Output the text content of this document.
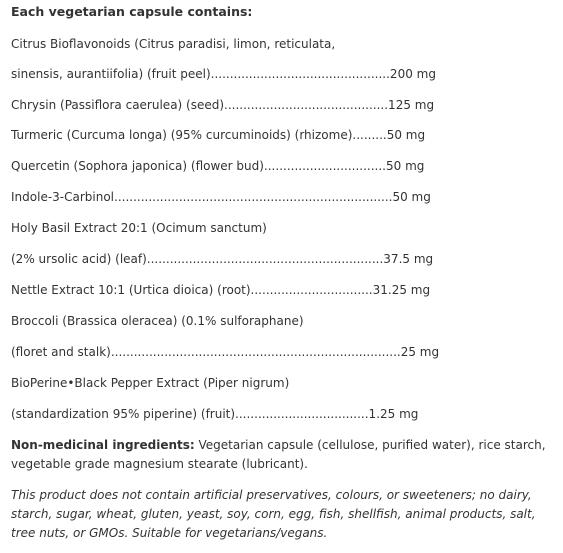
Each vegetarian capsule contains:

Citrus Bioflavonoids (Citrus paradisi, limon, reticulata,

sinensis, aurantiifolia) (fruit peel)...............................................200 mg

Chrysin (Passiflora caerulea) (seed)...........................................125 mg

Turmeric (Curcuma longa) (95% curcuminoids) (rhizome).........50 mg

Quercetin (Sophora japonica) (flower bud)................................50 mg

Indole-3-Carbinol.........................................................................50 mg

Holy Basil Extract 20:1 (Ocimum sanctum)

(2% ursolic acid) (leaf)..............................................................37.5 mg

Nettle Extract 10:1 (Urtica dioica) (root)................................31.25 mg

Broccoli (Brassica oleracea) (0.1% sulforaphane)

(floret and stalk)............................................................................25 mg

BioPerine•Black Pepper Extract (Piper nigrum)

(standardization 95% piperine) (fruit)...................................1.25 mg

Non-medicinal ingredients: Vegetarian capsule (cellulose, purified water), rice starch, vegetable grade magnesium stearate (lubricant).

This product does not contain artificial preservatives, colours, or sweeteners; no dairy, starch, sugar, wheat, gluten, yeast, soy, corn, egg, fish, shellfish, animal products, salt, tree nuts, or GMOs. Suitable for vegetarians/vegans.
